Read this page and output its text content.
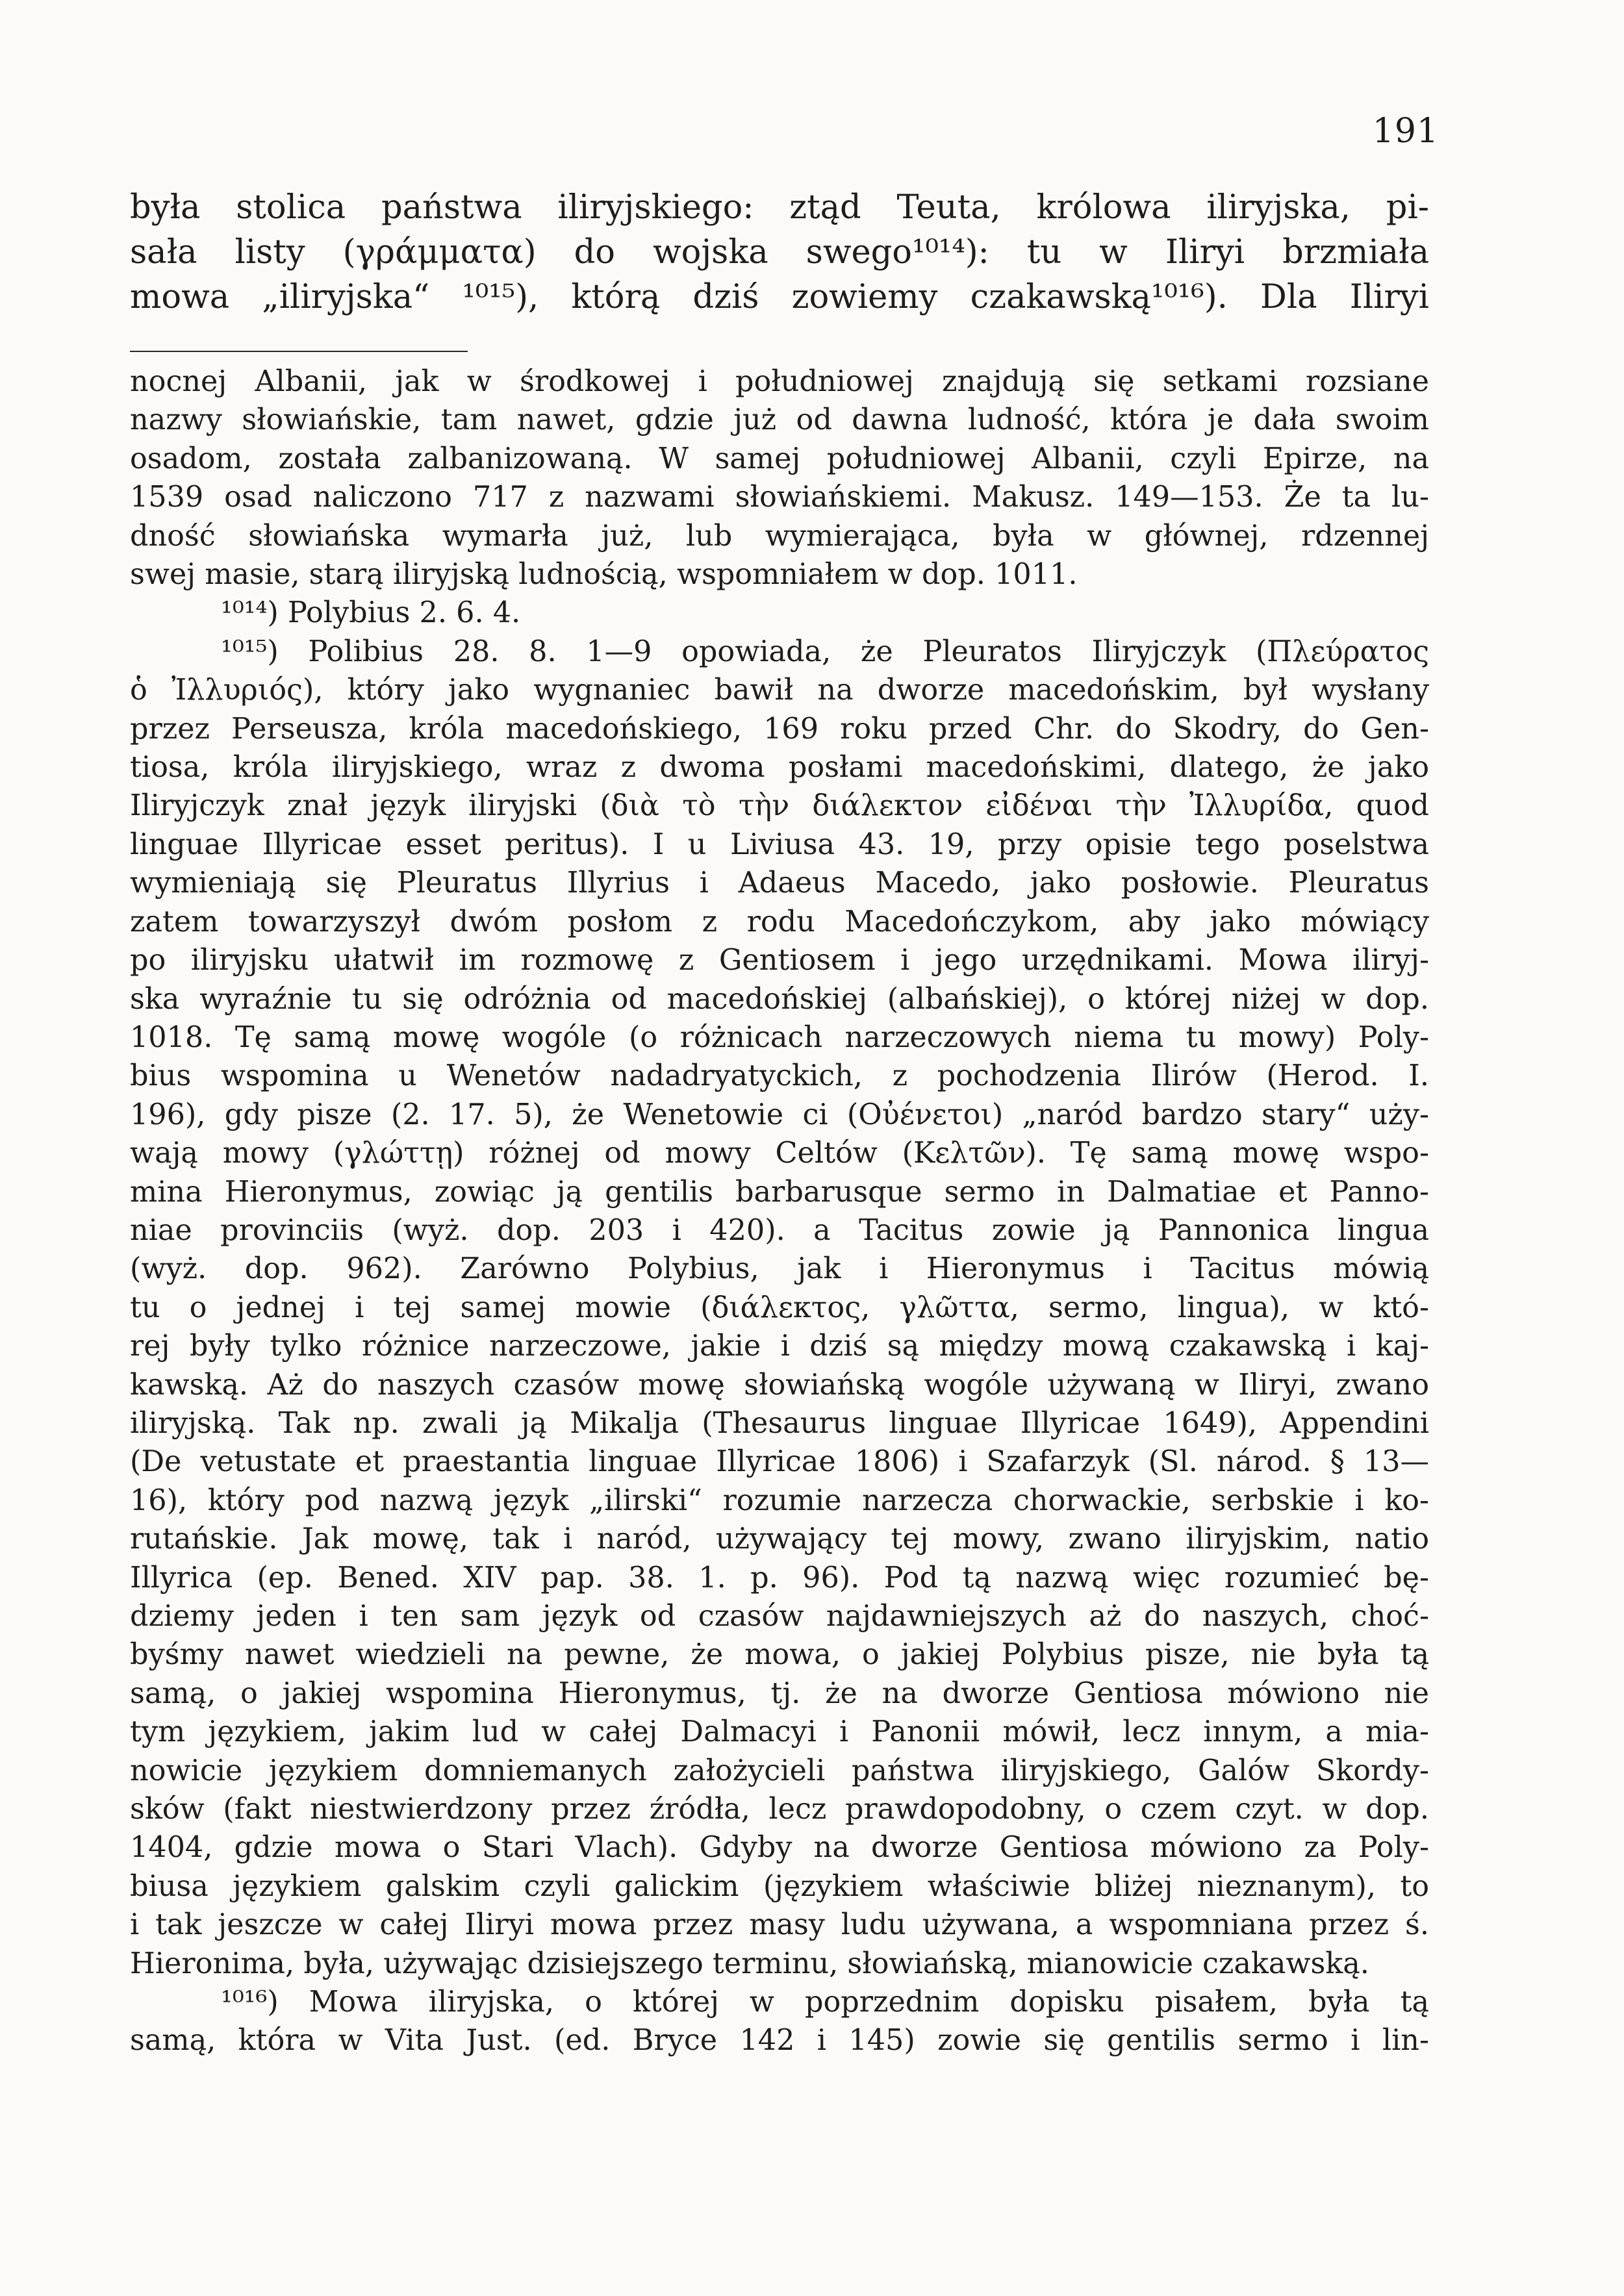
191
była stolica państwa iliryjskiego: ztąd Teuta, królowa iliryjska, pi-
sała listy (γράμματα) do wojska swego¹⁰¹⁴): tu w Iliryi brzmiała
mowa „iliryjska“ ¹⁰¹⁵), którą dziś zowiemy czakawską¹⁰¹⁶). Dla Iliryi
nocnej Albanii, jak w środkowej i południowej znajdują się setkami rozsiane
nazwy słowiańskie, tam nawet, gdzie już od dawna ludność, która je dała swoim
osadom, została zalbanizowaną. W samej południowej Albanii, czyli Epirze, na
1539 osad naliczono 717 z nazwami słowiańskiemi. Makusz. 149—153. Że ta lu-
dność słowiańska wymarła już, lub wymierająca, była w głównej, rdzennej
swej masie, starą iliryjską ludnością, wspomniałem w dop. 1011.
¹⁰¹⁴) Polybius 2. 6. 4.
¹⁰¹⁵) Polibius 28. 8. 1—9 opowiada, że Pleuratos Iliryjczyk (Πλεύρατος
ὁ Ἰλλυριός), który jako wygnaniec bawił na dworze macedońskim, był wysłany
przez Perseusza, króla macedońskiego, 169 roku przed Chr. do Skodry, do Gen-
tiosa, króla iliryjskiego, wraz z dwoma posłami macedońskimi, dlatego, że jako
Iliryjczyk znał język iliryjski (διὰ τὸ τὴν διάλεκτον εἰδέναι τὴν Ἰλλυρίδα, quod
linguae Illyricae esset peritus). I u Liviusa 43. 19, przy opisie tego poselstwa
wymieniają się Pleuratus Illyrius i Adaeus Macedo, jako posłowie. Pleuratus
zatem towarzyszył dwóm posłom z rodu Macedończykom, aby jako mówiący
po iliryjsku ułatwił im rozmowę z Gentiosem i jego urzędnikami. Mowa iliryj-
ska wyraźnie tu się odróżnia od macedońskiej (albańskiej), o której niżej w dop.
1018. Tę samą mowę wogóle (o różnicach narzeczowych niema tu mowy) Poly-
bius wspomina u Wenetów nadadryatyckich, z pochodzenia Ilirów (Herod. I.
196), gdy pisze (2. 17. 5), że Wenetowie ci (Οὐένετοι) „naród bardzo stary“ uży-
wają mowy (γλώττῃ) różnej od mowy Celtów (Κελτῶν). Tę samą mowę wspo-
mina Hieronymus, zowiąc ją gentilis barbarusque sermo in Dalmatiae et Panno-
niae provinciis (wyż. dop. 203 i 420). a Tacitus zowie ją Pannonica lingua
(wyż. dop. 962). Zarówno Polybius, jak i Hieronymus i Tacitus mówią
tu o jednej i tej samej mowie (διάλεκτος, γλῶττα, sermo, lingua), w któ-
rej były tylko różnice narzeczowe, jakie i dziś są między mową czakawską i kaj-
kawską. Aż do naszych czasów mowę słowiańską wogóle używaną w Iliryi, zwano
iliryjską. Tak np. zwali ją Mikalja (Thesaurus linguae Illyricae 1649), Appendini
(De vetustate et praestantia linguae Illyricae 1806) i Szafarzyk (Sl. národ. § 13—
16), który pod nazwą język „ilirski“ rozumie narzecza chorwackie, serbskie i ko-
rutańskie. Jak mowę, tak i naród, używający tej mowy, zwano iliryjskim, natio
Illyrica (ep. Bened. XIV pap. 38. 1. p. 96). Pod tą nazwą więc rozumieć bę-
dziemy jeden i ten sam język od czasów najdawniejszych aż do naszych, choć-
byśmy nawet wiedzieli na pewne, że mowa, o jakiej Polybius pisze, nie była tą
samą, o jakiej wspomina Hieronymus, tj. że na dworze Gentiosa mówiono nie
tym językiem, jakim lud w całej Dalmacyi i Panonii mówił, lecz innym, a mia-
nowicie językiem domniemanych założycieli państwa iliryjskiego, Galów Skordy-
sków (fakt niestwierdzony przez źródła, lecz prawdopodobny, o czem czyt. w dop.
1404, gdzie mowa o Stari Vlach). Gdyby na dworze Gentiosa mówiono za Poly-
biusa językiem galskim czyli galickim (językiem właściwie bliżej nieznanym), to
i tak jeszcze w całej Iliryi mowa przez masy ludu używana, a wspomniana przez ś.
Hieronima, była, używając dzisiejszego terminu, słowiańską, mianowicie czakawską.
¹⁰¹⁶) Mowa iliryjska, o której w poprzednim dopisku pisałem, była tą
samą, która w Vita Just. (ed. Bryce 142 i 145) zowie się gentilis sermo i lin-
